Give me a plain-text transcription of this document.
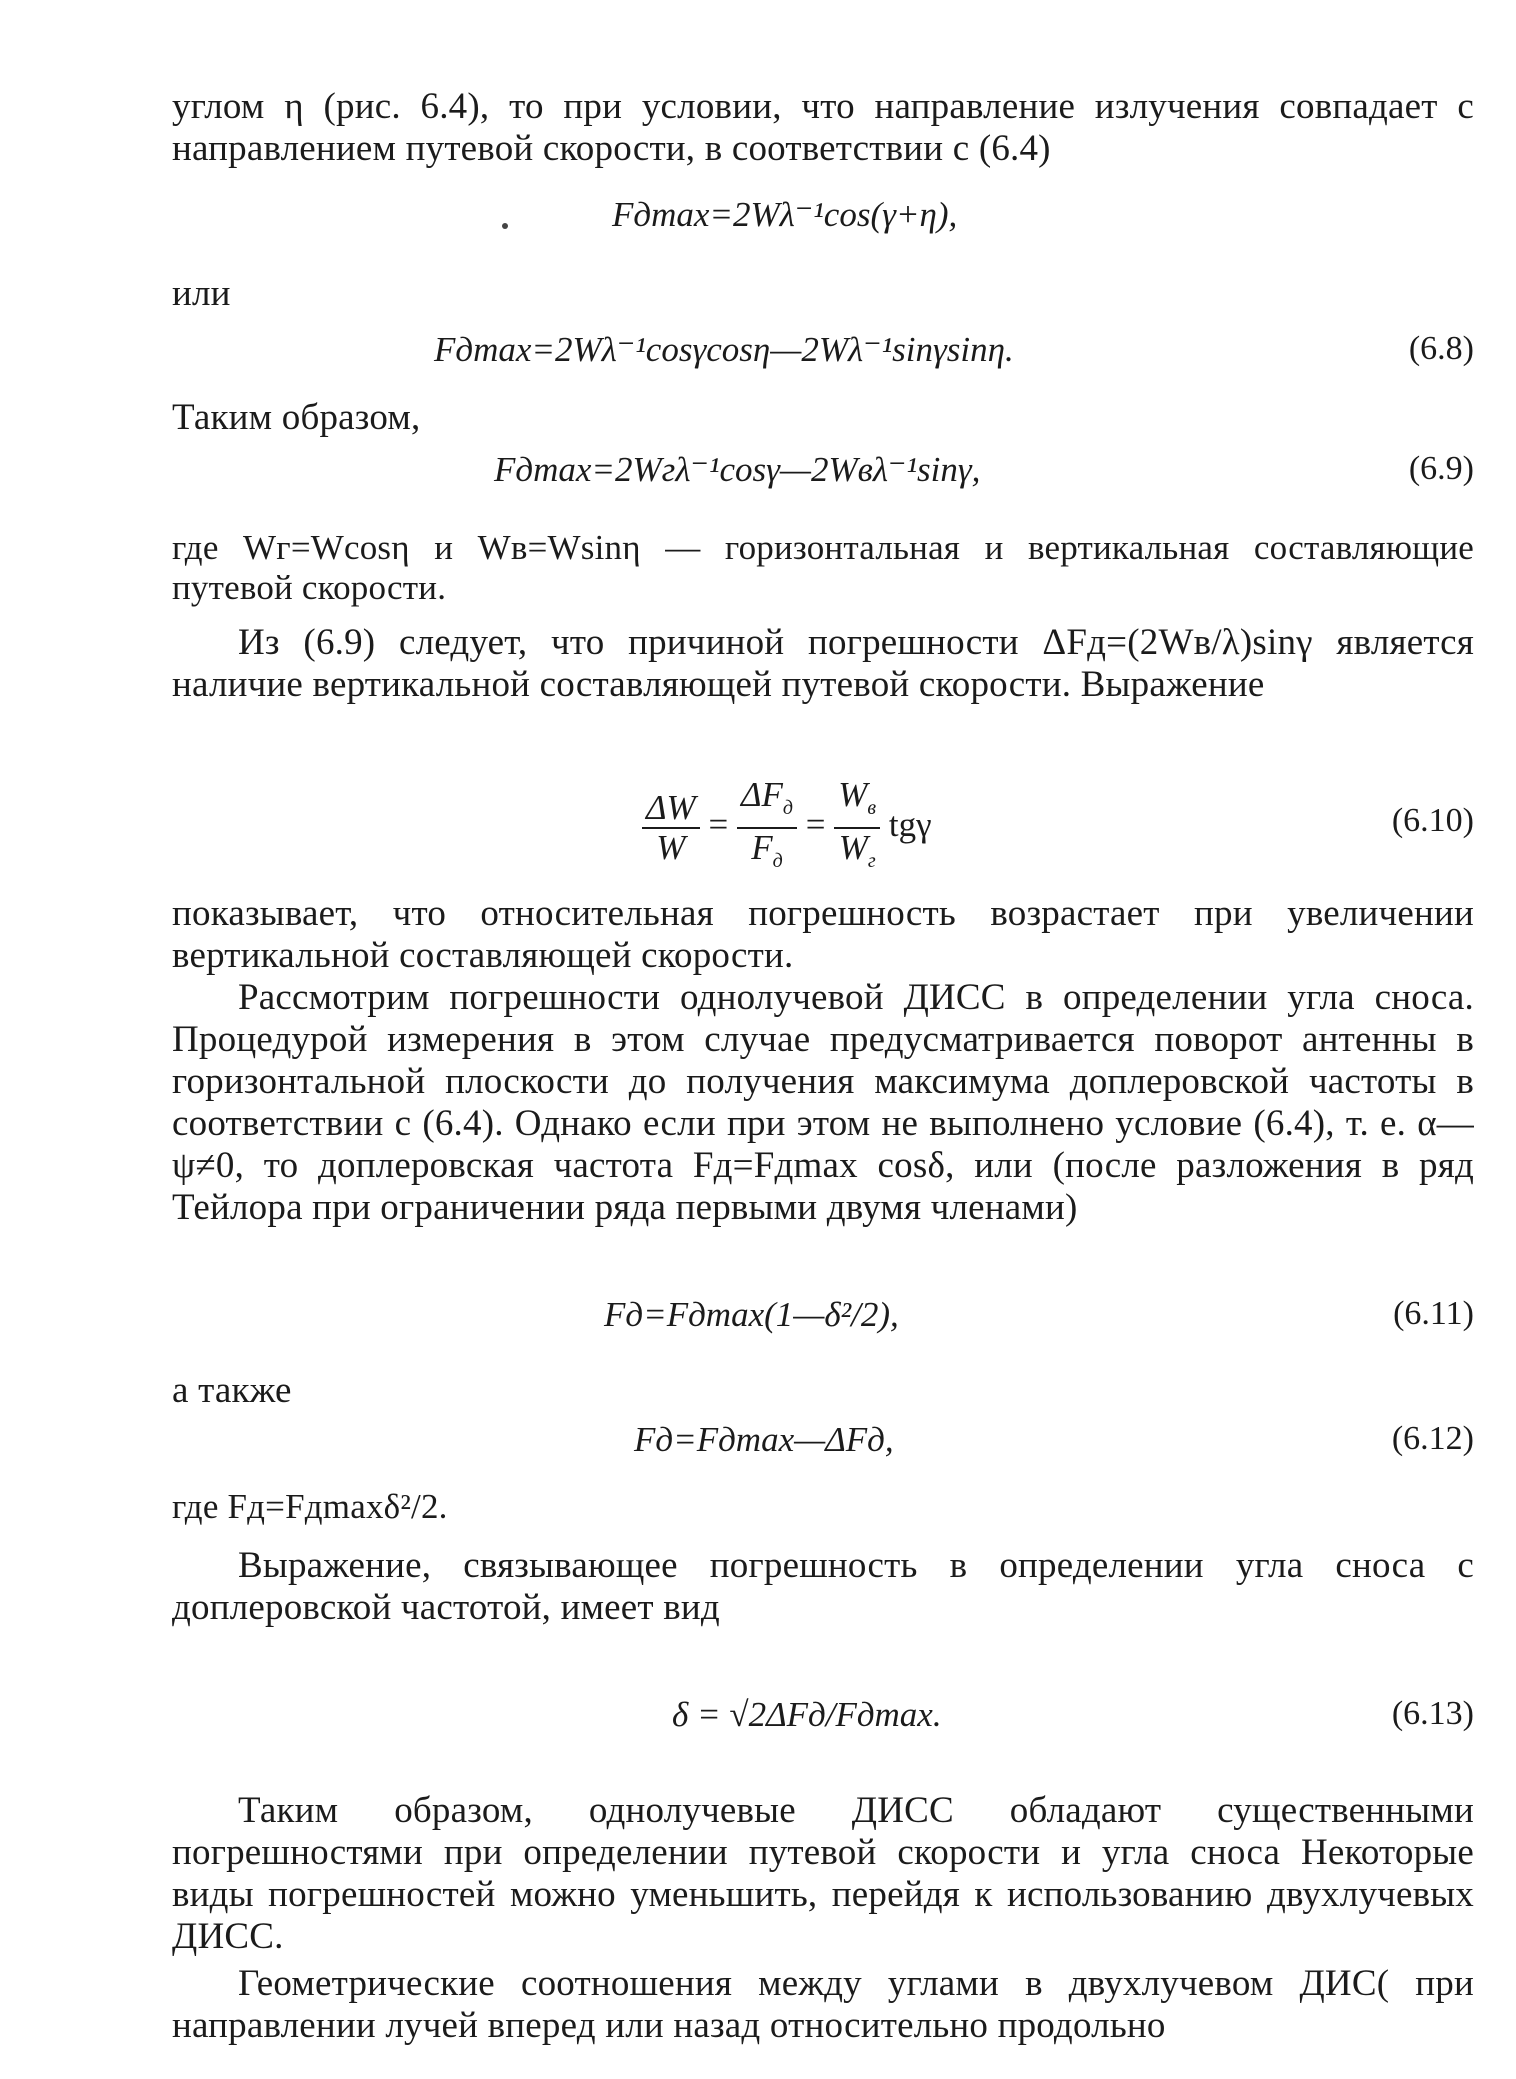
углом η (рис. 6.4), то при условии, что направление излучения совпадает с направлением путевой скорости, в соответствии с (6.4)

Fдmax=2Wλ⁻¹cos(γ+η),

или

Fдmax=2Wλ⁻¹cosγcosη—2Wλ⁻¹sinγsinη.	(6.8)

Таким образом,

Fдmax=2Wгλ⁻¹cosγ—2Wвλ⁻¹sinγ,	(6.9)

где Wг=Wcosη и Wв=Wsinη — горизонтальная и вертикальная составляющие путевой скорости.

Из (6.9) следует, что причиной погрешности ΔFд=(2Wв/λ)sinγ является наличие вертикальной составляющей путевой скорости. Выражение

$\frac{\Delta W}{W} = \frac{\Delta F_д}{F_д} = \frac{W_в}{W_г}$ tgγ	(6.10)

показывает, что относительная погрешность возрастает при увеличении вертикальной составляющей скорости.

Рассмотрим погрешности однолучевой ДИСС в определении угла сноса. Процедурой измерения в этом случае предусматривается поворот антенны в горизонтальной плоскости до получения максимума доплеровской частоты в соответствии с (6.4). Однако если при этом не выполнено условие (6.4), т. е. α—ψ≠0, то доплеровская частота Fд=Fдmax cosδ, или (после разложения в ряд Тейлора при ограничении ряда первыми двумя членами)

Fд=Fдmax(1—δ²/2),	(6.11)

а также

Fд=Fдmax—ΔFд,	(6.12)

где Fд=Fдmaxδ²/2.

Выражение, связывающее погрешность в определении угла сноса с доплеровской частотой, имеет вид

δ = √2ΔFд/Fдmax.	(6.13)

Таким образом, однолучевые ДИСС обладают существенными погрешностями при определении путевой скорости и угла сноса Некоторые виды погрешностей можно уменьшить, перейдя к использованию двухлучевых ДИСС.

Геометрические соотношения между углами в двухлучевом ДИС( при направлении лучей вперед или назад относительно продольно
